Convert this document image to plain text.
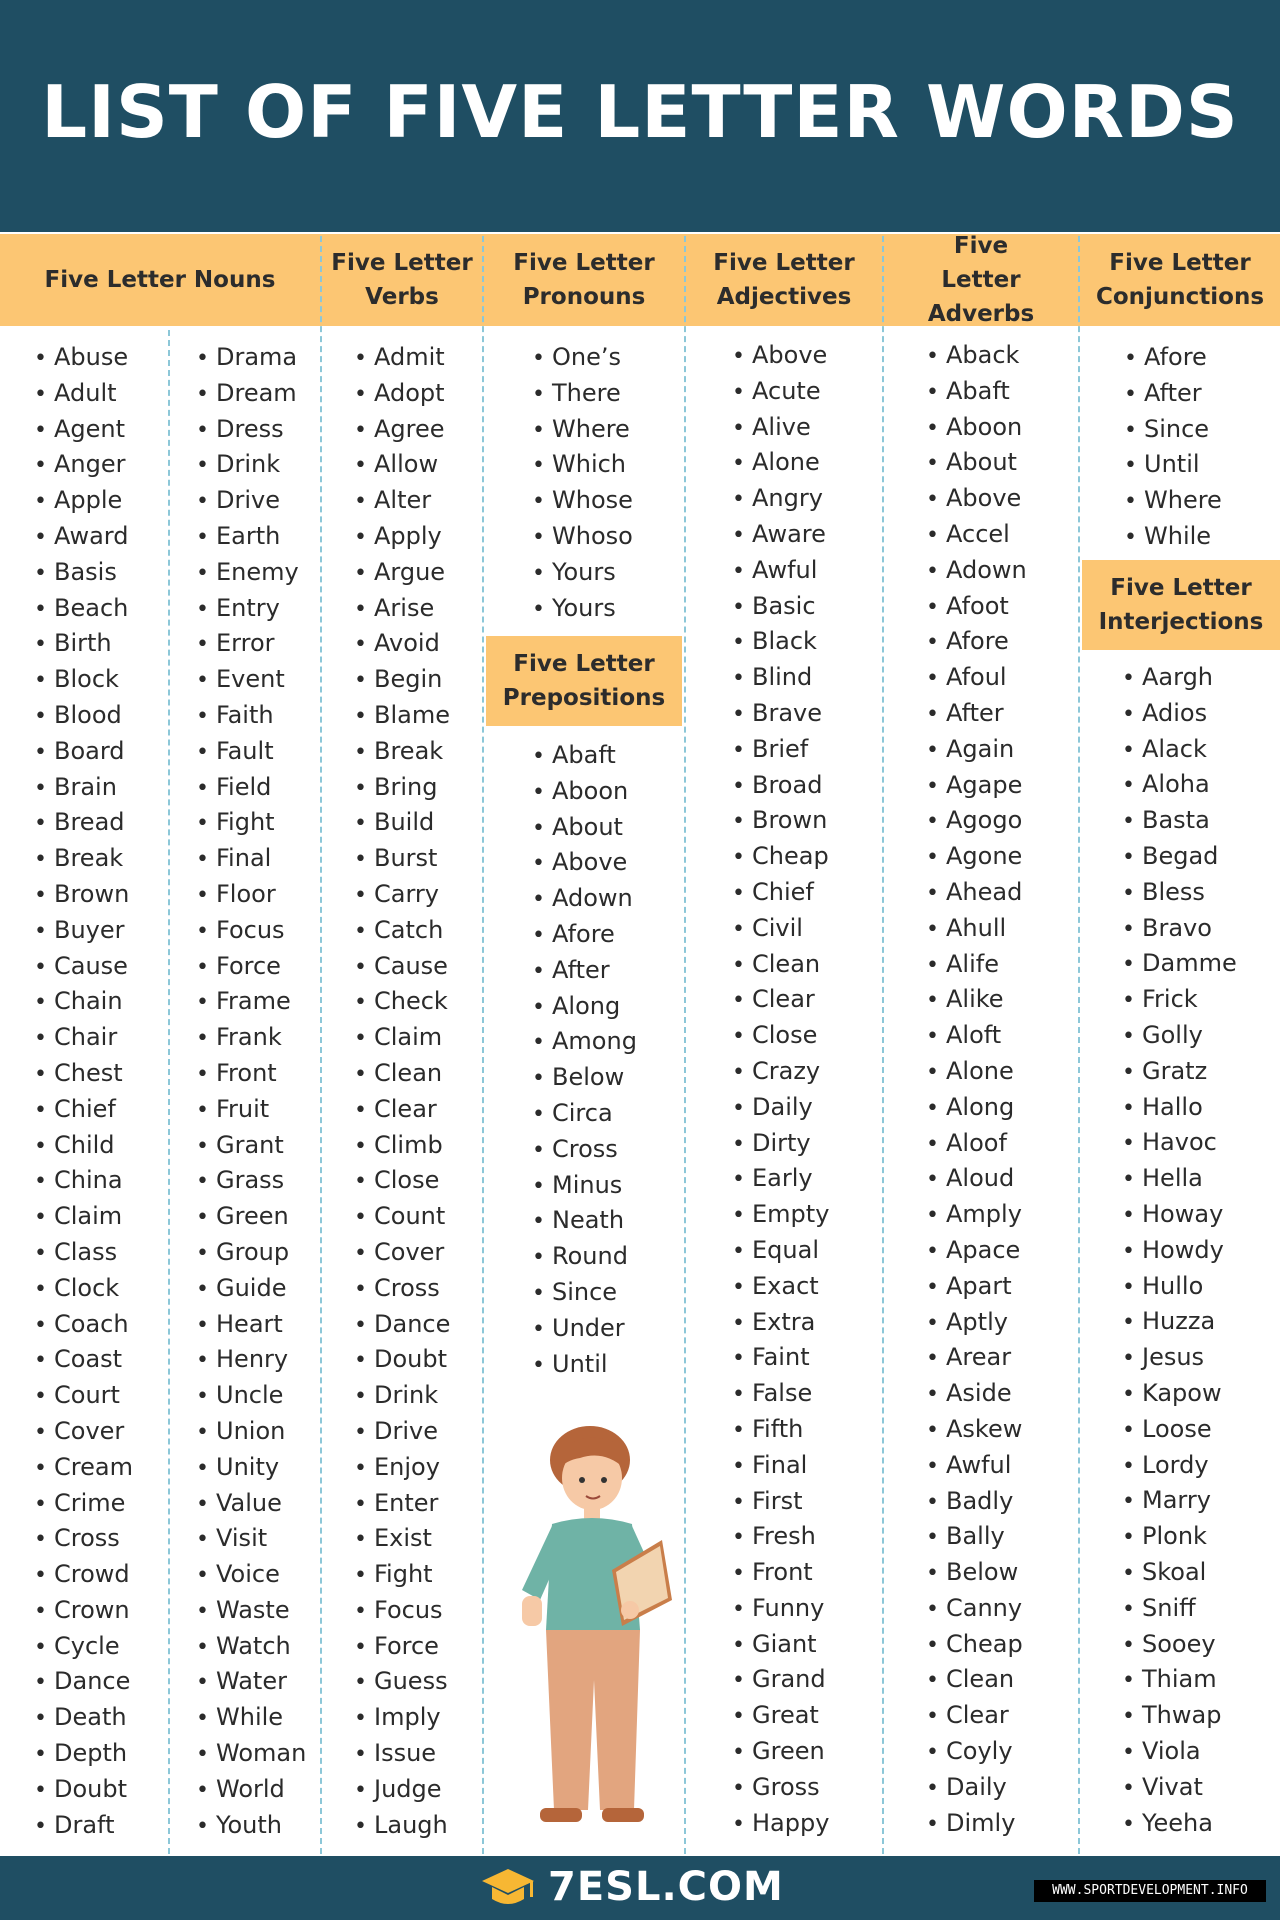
LIST OF FIVE LETTER WORDS
Five Letter Nouns
Five Letter Verbs
Five Letter Pronouns
Five Letter Adjectives
Five Letter Adverbs
Five Letter Conjunctions
• Abuse
• Adult
• Agent
• Anger
• Apple
• Award
• Basis
• Beach
• Birth
• Block
• Blood
• Board
• Brain
• Bread
• Break
• Brown
• Buyer
• Cause
• Chain
• Chair
• Chest
• Chief
• Child
• China
• Claim
• Class
• Clock
• Coach
• Coast
• Court
• Cover
• Cream
• Crime
• Cross
• Crowd
• Crown
• Cycle
• Dance
• Death
• Depth
• Doubt
• Draft
• Drama
• Dream
• Dress
• Drink
• Drive
• Earth
• Enemy
• Entry
• Error
• Event
• Faith
• Fault
• Field
• Fight
• Final
• Floor
• Focus
• Force
• Frame
• Frank
• Front
• Fruit
• Grant
• Grass
• Green
• Group
• Guide
• Heart
• Henry
• Uncle
• Union
• Unity
• Value
• Visit
• Voice
• Waste
• Watch
• Water
• While
• Woman
• World
• Youth
• Admit
• Adopt
• Agree
• Allow
• Alter
• Apply
• Argue
• Arise
• Avoid
• Begin
• Blame
• Break
• Bring
• Build
• Burst
• Carry
• Catch
• Cause
• Check
• Claim
• Clean
• Clear
• Climb
• Close
• Count
• Cover
• Cross
• Dance
• Doubt
• Drink
• Drive
• Enjoy
• Enter
• Exist
• Fight
• Focus
• Force
• Guess
• Imply
• Issue
• Judge
• Laugh
• One’s
• There
• Where
• Which
• Whose
• Whoso
• Yours
• Yours
Five Letter Prepositions
• Abaft
• Aboon
• About
• Above
• Adown
• Afore
• After
• Along
• Among
• Below
• Circa
• Cross
• Minus
• Neath
• Round
• Since
• Under
• Until
• Above
• Acute
• Alive
• Alone
• Angry
• Aware
• Awful
• Basic
• Black
• Blind
• Brave
• Brief
• Broad
• Brown
• Cheap
• Chief
• Civil
• Clean
• Clear
• Close
• Crazy
• Daily
• Dirty
• Early
• Empty
• Equal
• Exact
• Extra
• Faint
• False
• Fifth
• Final
• First
• Fresh
• Front
• Funny
• Giant
• Grand
• Great
• Green
• Gross
• Happy
• Aback
• Abaft
• Aboon
• About
• Above
• Accel
• Adown
• Afoot
• Afore
• Afoul
• After
• Again
• Agape
• Agogo
• Agone
• Ahead
• Ahull
• Alife
• Alike
• Aloft
• Alone
• Along
• Aloof
• Aloud
• Amply
• Apace
• Apart
• Aptly
• Arear
• Aside
• Askew
• Awful
• Badly
• Bally
• Below
• Canny
• Cheap
• Clean
• Clear
• Coyly
• Daily
• Dimly
• Afore
• After
• Since
• Until
• Where
• While
Five Letter Interjections
• Aargh
• Adios
• Alack
• Aloha
• Basta
• Begad
• Bless
• Bravo
• Damme
• Frick
• Golly
• Gratz
• Hallo
• Havoc
• Hella
• Howay
• Howdy
• Hullo
• Huzza
• Jesus
• Kapow
• Loose
• Lordy
• Marry
• Plonk
• Skoal
• Sniff
• Sooey
• Thiam
• Thwap
• Viola
• Vivat
• Yeeha
7ESL.COM	WWW.SPORTDEVELOPMENT.INFO
